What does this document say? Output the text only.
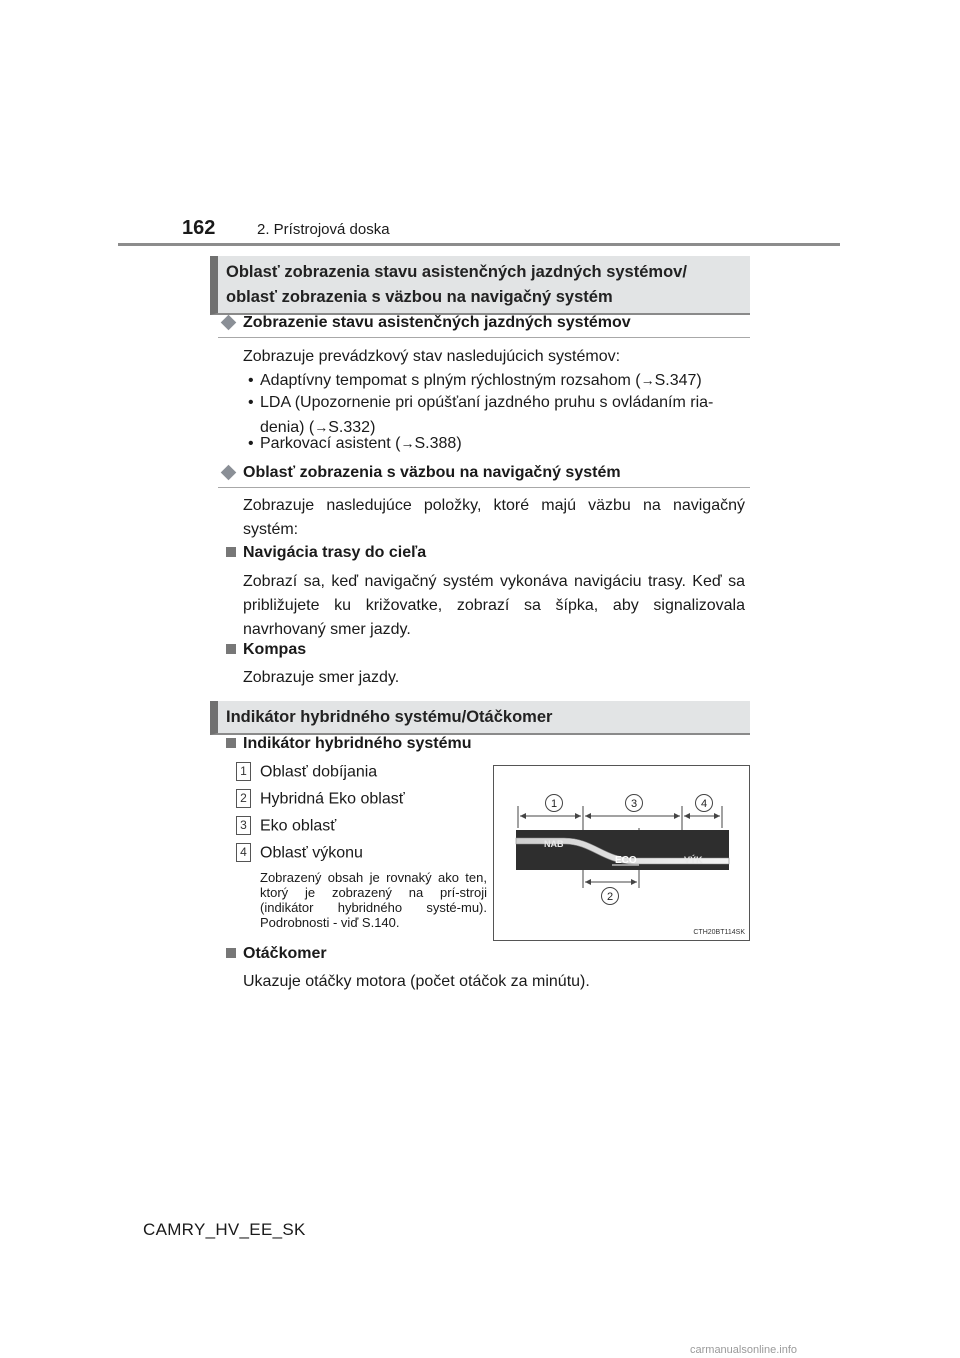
162	2. Prístrojová doska
Oblasť zobrazenia stavu asistenčných jazdných systémov/
oblasť zobrazenia s väzbou na navigačný systém
Zobrazenie stavu asistenčných jazdných systémov
Zobrazuje prevádzkový stav nasledujúcich systémov:
• Adaptívny tempomat s plným rýchlostným rozsahom (→S.347)
• LDA (Upozornenie pri opúšťaní jazdného pruhu s ovládaním ria-
denia) (→S.332)
• Parkovací asistent (→S.388)
Oblasť zobrazenia s väzbou na navigačný systém
Zobrazuje nasledujúce položky, ktoré majú väzbu na navigačný systém:
Navigácia trasy do cieľa
Zobrazí sa, keď navigačný systém vykonáva navigáciu trasy. Keď sa približujete ku križovatke, zobrazí sa šípka, aby signalizovala navrhovaný smer jazdy.
Kompas
Zobrazuje smer jazdy.
Indikátor hybridného systému/Otáčkomer
Indikátor hybridného systému
1 Oblasť dobíjania
2 Hybridná Eko oblasť
3 Eko oblasť
4 Oblasť výkonu
Zobrazený obsah je rovnaký ako ten, ktorý je zobrazený na prí-stroji (indikátor hybridného systé-mu). Podrobnosti - viď S.140.
NAB
ECO	VÝK
1	3	4
2
CTH20BT114SK
Otáčkomer
Ukazuje otáčky motora (počet otáčok za minútu).
CAMRY_HV_EE_SK
carmanualsonline.info
